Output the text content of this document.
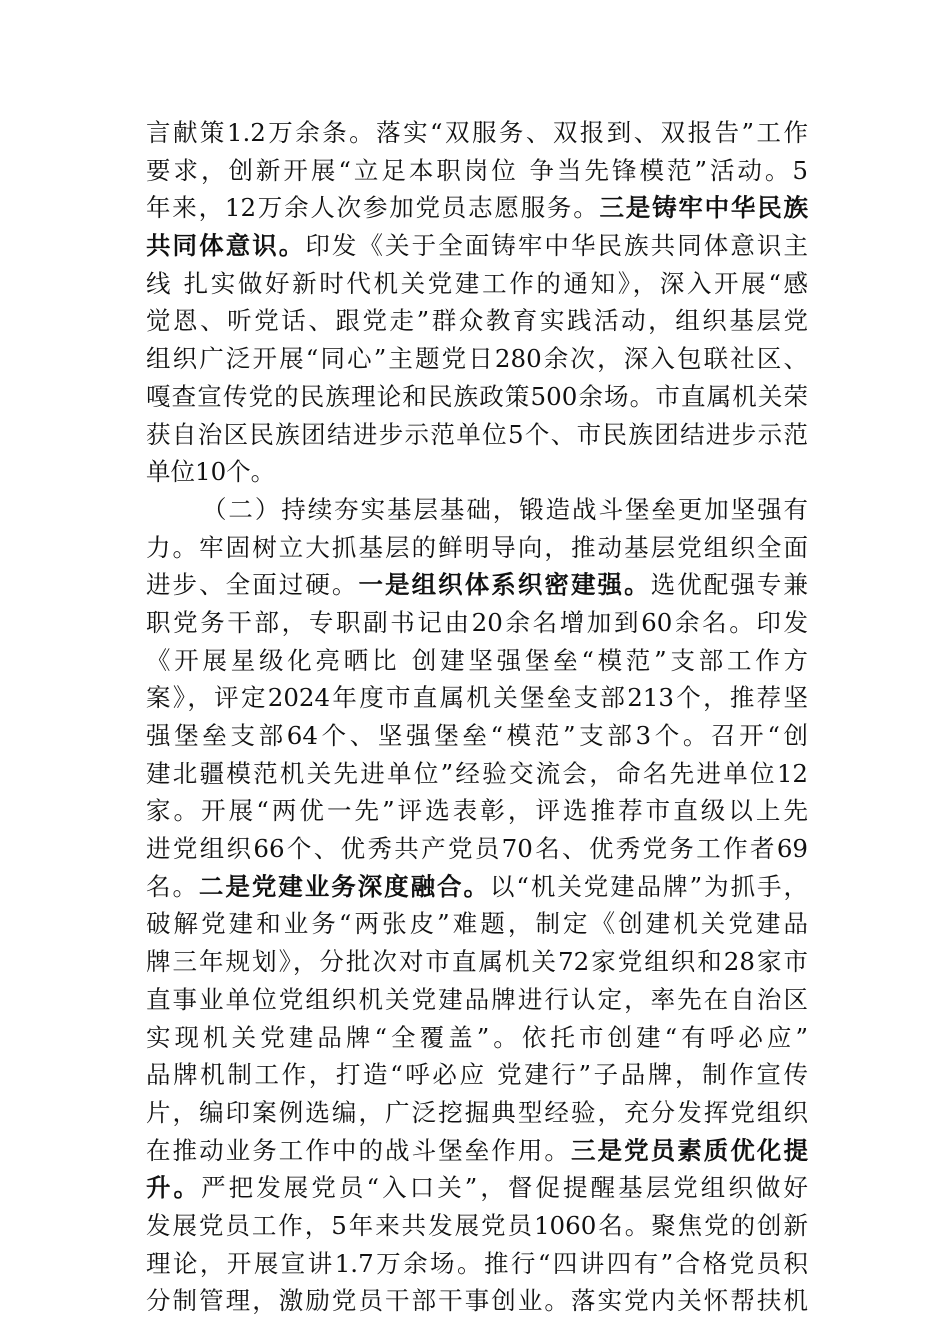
言献策1.2万余条。落实“双服务、双报到、双报告”工作
要求，创新开展“立足本职岗位 争当先锋模范”活动。5
年来，12万余人次参加党员志愿服务。三是铸牢中华民族
共同体意识。印发《关于全面铸牢中华民族共同体意识主
线 扎实做好新时代机关党建工作的通知》，深入开展“感
觉恩、听党话、跟党走”群众教育实践活动，组织基层党
组织广泛开展“同心”主题党日280余次，深入包联社区、
嘎查宣传党的民族理论和民族政策500余场。市直属机关荣
获自治区民族团结进步示范单位5个、市民族团结进步示范
单位10个。
（二）持续夯实基层基础，锻造战斗堡垒更加坚强有
力。牢固树立大抓基层的鲜明导向，推动基层党组织全面
进步、全面过硬。一是组织体系织密建强。选优配强专兼
职党务干部，专职副书记由20余名增加到60余名。印发
《开展星级化亮晒比 创建坚强堡垒“模范”支部工作方
案》，评定2024年度市直属机关堡垒支部213个，推荐坚
强堡垒支部64个、坚强堡垒“模范”支部3个。召开“创
建北疆模范机关先进单位”经验交流会，命名先进单位12
家。开展“两优一先”评选表彰，评选推荐市直级以上先
进党组织66个、优秀共产党员70名、优秀党务工作者69
名。二是党建业务深度融合。以“机关党建品牌”为抓手，
破解党建和业务“两张皮”难题，制定《创建机关党建品
牌三年规划》，分批次对市直属机关72家党组织和28家市
直事业单位党组织机关党建品牌进行认定，率先在自治区
实现机关党建品牌“全覆盖”。依托市创建“有呼必应”
品牌机制工作，打造“呼必应 党建行”子品牌，制作宣传
片，编印案例选编，广泛挖掘典型经验，充分发挥党组织
在推动业务工作中的战斗堡垒作用。三是党员素质优化提
升。严把发展党员“入口关”，督促提醒基层党组织做好
发展党员工作，5年来共发展党员1060名。聚焦党的创新
理论，开展宣讲1.7万余场。推行“四讲四有”合格党员积
分制管理，激励党员干部干事创业。落实党内关怀帮扶机
